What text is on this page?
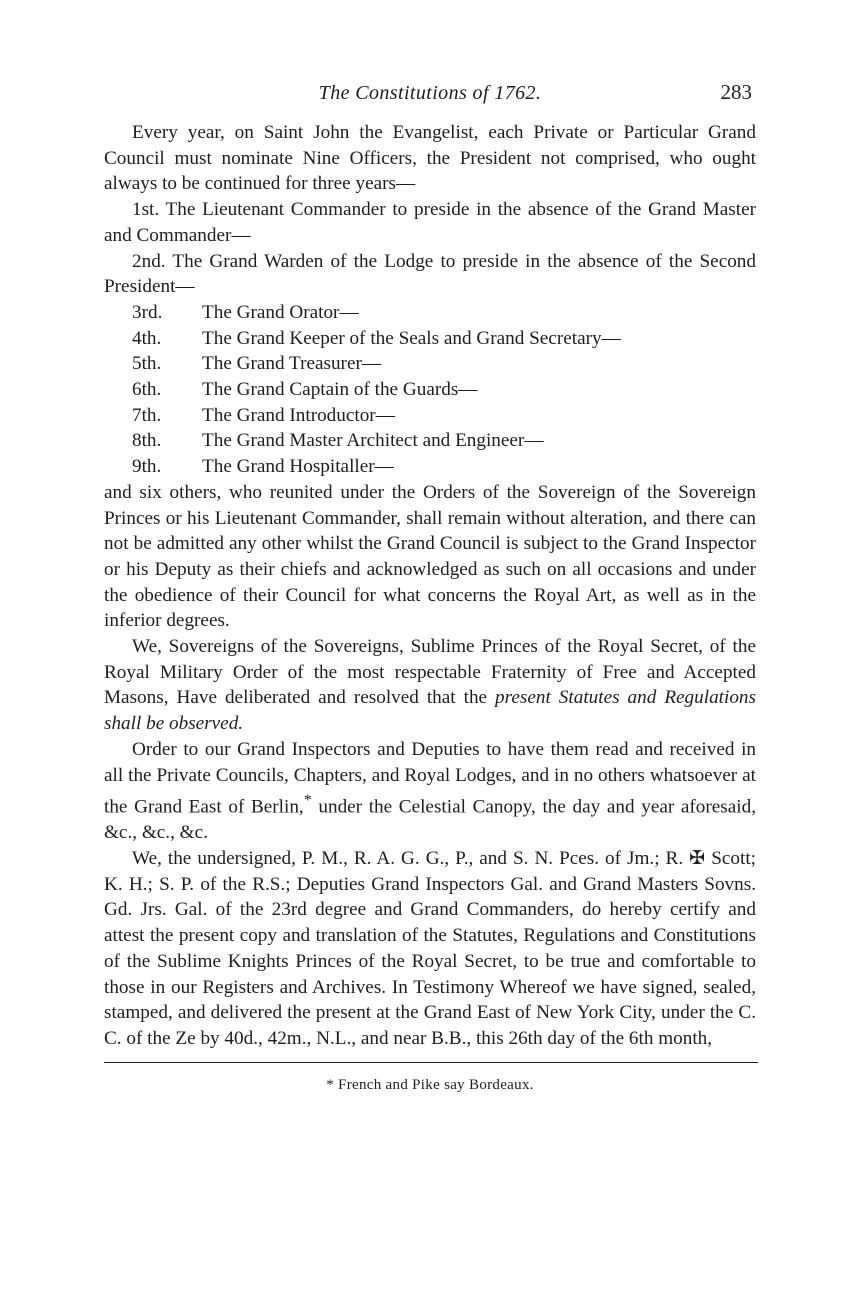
The Constitutions of 1762.	283

Every year, on Saint John the Evangelist, each Private or Particular Grand Council must nominate Nine Officers, the President not comprised, who ought always to be continued for three years—

1st. The Lieutenant Commander to preside in the absence of the Grand Master and Commander—

2nd. The Grand Warden of the Lodge to preside in the absence of the Second President—

3rd.	The Grand Orator—
4th.	The Grand Keeper of the Seals and Grand Secretary—
5th.	The Grand Treasurer—
6th.	The Grand Captain of the Guards—
7th.	The Grand Introductor—
8th.	The Grand Master Architect and Engineer—
9th.	The Grand Hospitaller—

and six others, who reunited under the Orders of the Sovereign of the Sovereign Princes or his Lieutenant Commander, shall remain without alteration, and there can not be admitted any other whilst the Grand Council is subject to the Grand Inspector or his Deputy as their chiefs and acknowledged as such on all occasions and under the obedience of their Council for what concerns the Royal Art, as well as in the inferior degrees.

We, Sovereigns of the Sovereigns, Sublime Princes of the Royal Secret, of the Royal Military Order of the most respectable Fraternity of Free and Accepted Masons, Have deliberated and resolved that the present Statutes and Regulations shall be observed.

Order to our Grand Inspectors and Deputies to have them read and received in all the Private Councils, Chapters, and Royal Lodges, and in no others whatsoever at the Grand East of Berlin,* under the Celestial Canopy, the day and year aforesaid, &c., &c., &c.

We, the undersigned, P. M., R. A. G. G., P., and S. N. Pces. of Jm.; R. ✠ Scott; K. H.; S. P. of the R.S.; Deputies Grand Inspectors Gal. and Grand Masters Sovns. Gd. Jrs. Gal. of the 23rd degree and Grand Commanders, do hereby certify and attest the present copy and translation of the Statutes, Regulations and Constitutions of the Sublime Knights Princes of the Royal Secret, to be true and comfortable to those in our Registers and Archives. In Testimony Whereof we have signed, sealed, stamped, and delivered the present at the Grand East of New York City, under the C. C. of the Ze by 40d., 42m., N.L., and near B.B., this 26th day of the 6th month,

* French and Pike say Bordeaux.
